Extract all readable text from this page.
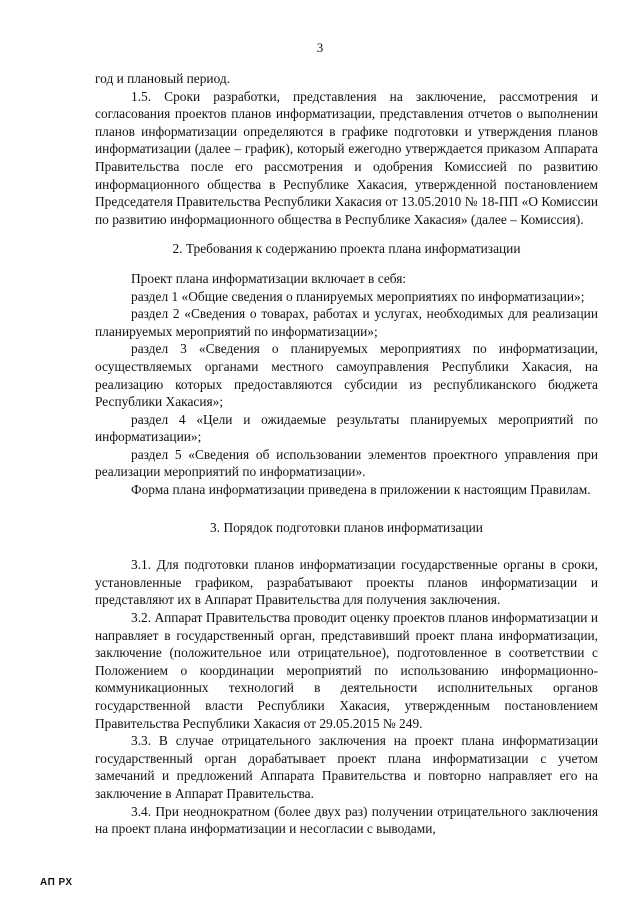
3

год и плановый период.

1.5. Сроки разработки, представления на заключение, рассмотрения и согласования проектов планов информатизации, представления отчетов о выполнении планов информатизации определяются в графике подготовки и утверждения планов информатизации (далее – график), который ежегодно утверждается приказом Аппарата Правительства после его рассмотрения и одобрения Комиссией по развитию информационного общества в Республике Хакасия, утвержденной постановлением Председателя Правительства Республики Хакасия от 13.05.2010 № 18-ПП «О Комиссии по развитию информационного общества в Республике Хакасия» (далее – Комиссия).

2. Требования к содержанию проекта плана информатизации

Проект плана информатизации включает в себя:

раздел 1 «Общие сведения о планируемых мероприятиях по информатизации»;

раздел 2 «Сведения о товарах, работах и услугах, необходимых для реализации планируемых мероприятий по информатизации»;

раздел 3 «Сведения о планируемых мероприятиях по информатизации, осуществляемых органами местного самоуправления Республики Хакасия, на реализацию которых предоставляются субсидии из республиканского бюджета Республики Хакасия»;

раздел 4 «Цели и ожидаемые результаты планируемых мероприятий по информатизации»;

раздел 5 «Сведения об использовании элементов проектного управления при реализации мероприятий по информатизации».

Форма плана информатизации приведена в приложении к настоящим Правилам.

3. Порядок подготовки планов информатизации

3.1. Для подготовки планов информатизации государственные органы в сроки, установленные графиком, разрабатывают проекты планов информатизации и представляют их в Аппарат Правительства для получения заключения.

3.2. Аппарат Правительства проводит оценку проектов планов информатизации и направляет в государственный орган, представивший проект плана информатизации, заключение (положительное или отрицательное), подготовленное в соответствии с Положением о координации мероприятий по использованию информационно-коммуникационных технологий в деятельности исполнительных органов государственной власти Республики Хакасия, утвержденным постановлением Правительства Республики Хакасия от 29.05.2015 № 249.

3.3. В случае отрицательного заключения на проект плана информатизации государственный орган дорабатывает проект плана информатизации с учетом замечаний и предложений Аппарата Правительства и повторно направляет его на заключение в Аппарат Правительства.

3.4. При неоднократном (более двух раз) получении отрицательного заключения на проект плана информатизации и несогласии с выводами,

АП РХ
